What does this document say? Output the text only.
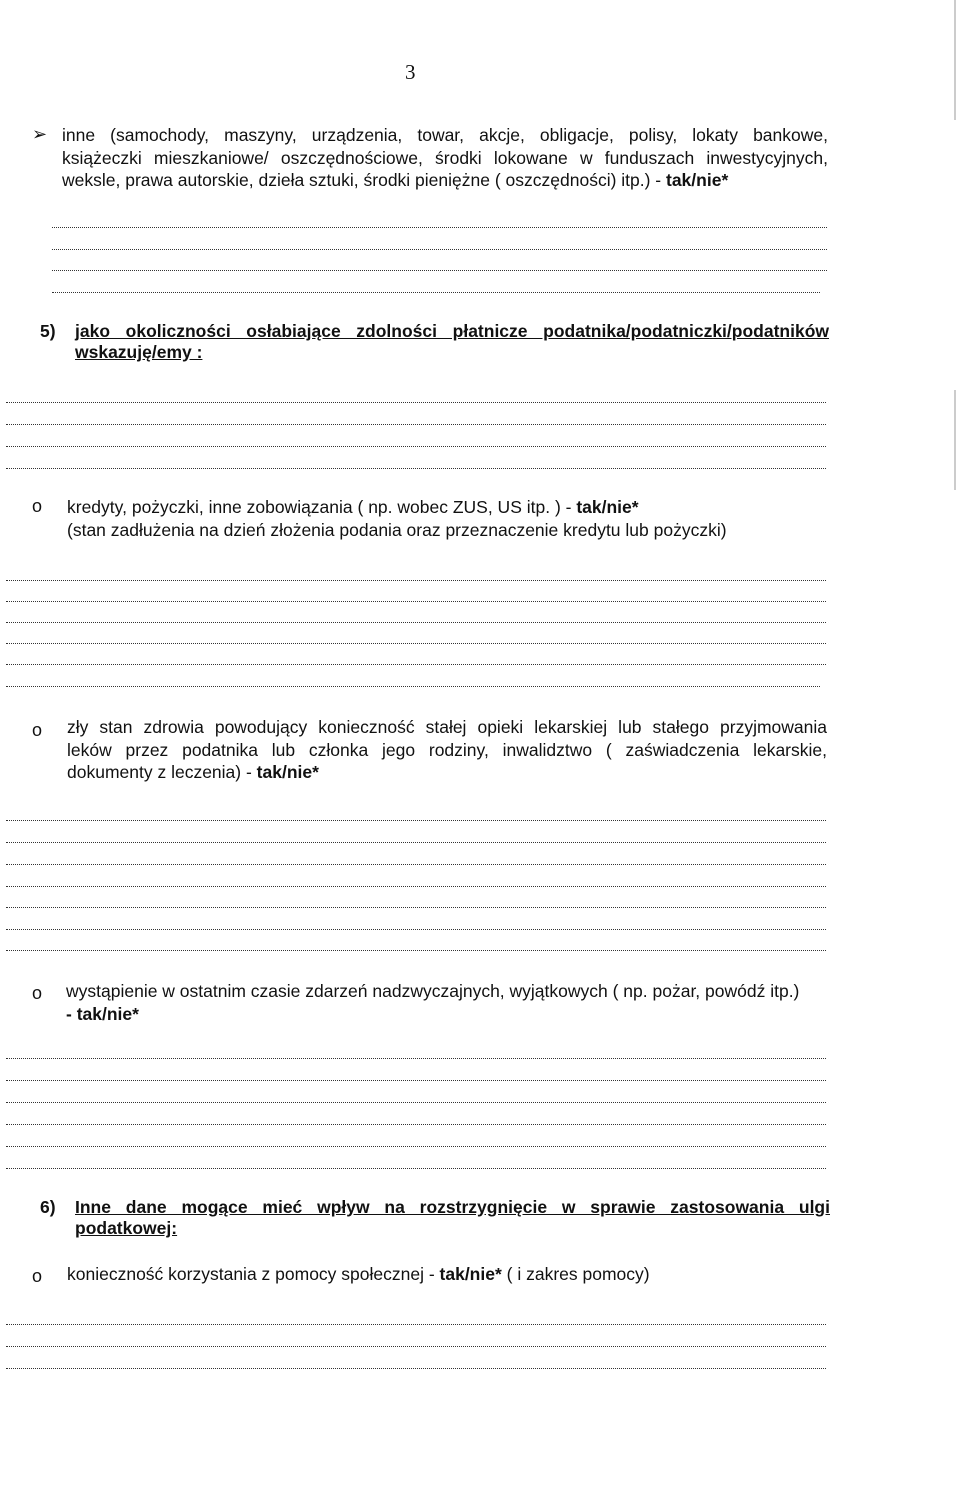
3
➢ inne (samochody, maszyny, urządzenia, towar, akcje, obligacje, polisy, lokaty bankowe,
książeczki mieszkaniowe/ oszczędnościowe, środki lokowane w funduszach inwestycyjnych,
weksle, prawa autorskie, dzieła sztuki, środki pieniężne ( oszczędności) itp.) - tak/nie*
5) jako okoliczności osłabiające zdolności płatnicze podatnika/podatniczki/podatników
wskazuję/emy :
o kredyty, pożyczki, inne zobowiązania ( np. wobec ZUS, US itp. ) - tak/nie*
(stan zadłużenia na dzień złożenia podania oraz przeznaczenie kredytu lub pożyczki)
o zły stan zdrowia powodujący konieczność stałej opieki lekarskiej lub stałego przyjmowania
leków przez podatnika lub członka jego rodziny, inwalidztwo ( zaświadczenia lekarskie,
dokumenty z leczenia) - tak/nie*
o wystąpienie w ostatnim czasie zdarzeń nadzwyczajnych, wyjątkowych ( np. pożar, powódź itp.)
- tak/nie*
6) Inne dane mogące mieć wpływ na rozstrzygnięcie w sprawie zastosowania ulgi
podatkowej:
o konieczność korzystania z pomocy społecznej - tak/nie* ( i zakres pomocy)
